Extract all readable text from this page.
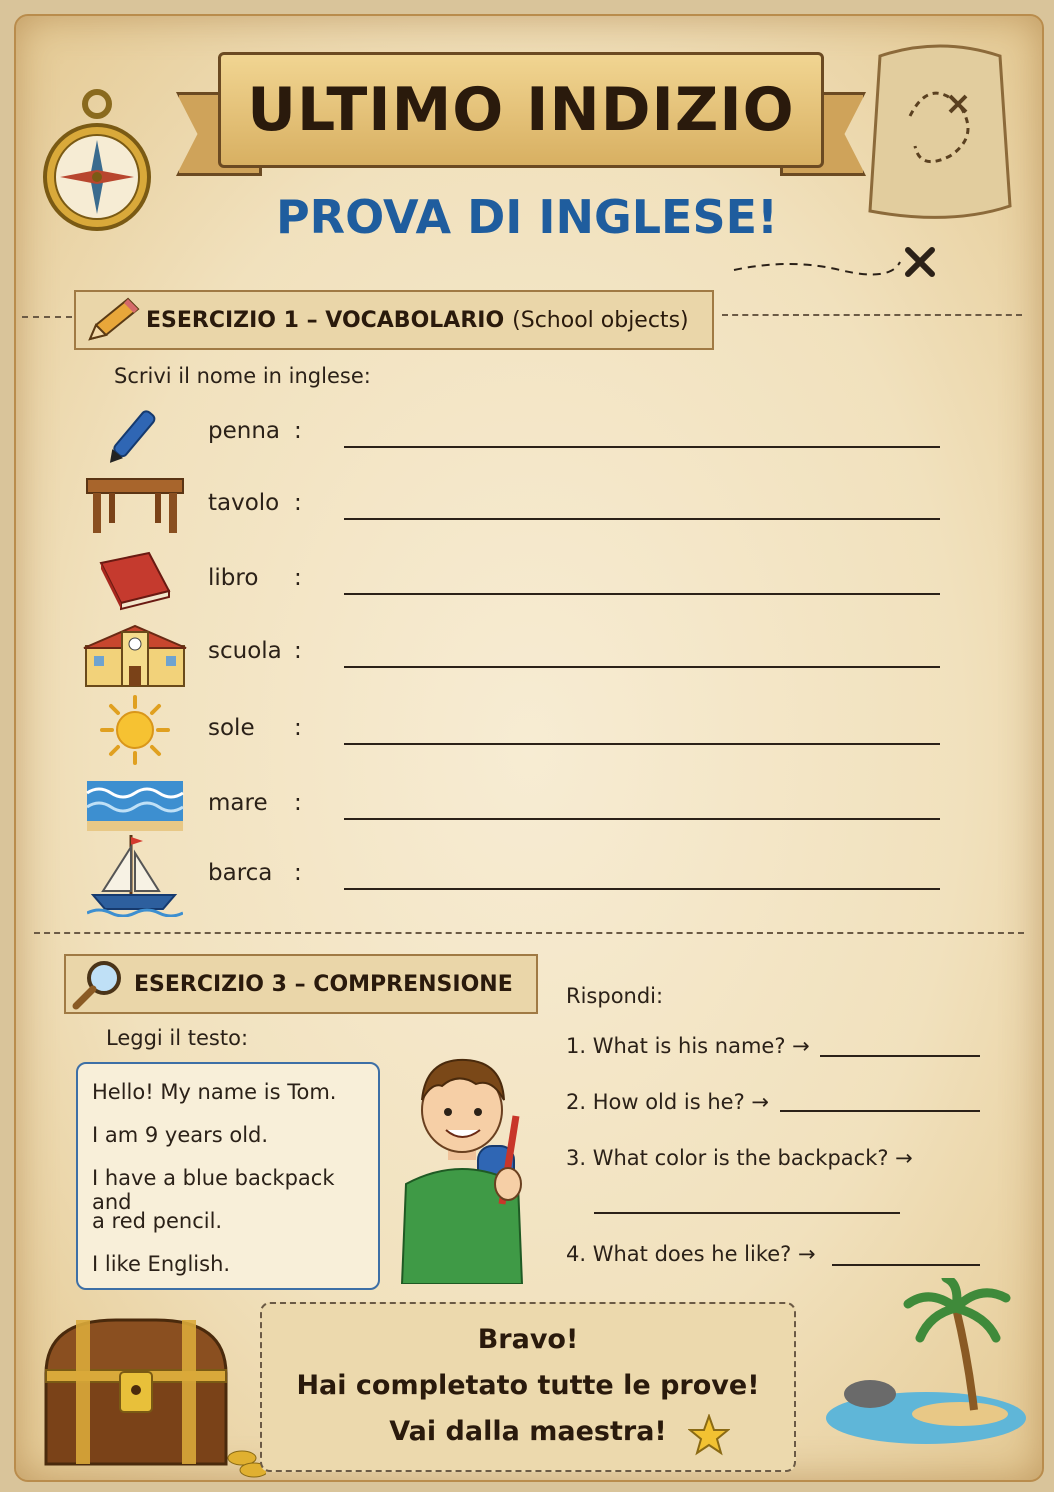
ULTIMO INDIZIO
PROVA DI INGLESE!
ESERCIZIO 1 – VOCABOLARIO (School objects)
Scrivi il nome in inglese:
penna :
tavolo :
libro :
scuola :
sole :
mare :
barca :
ESERCIZIO 3 – COMPRENSIONE
Leggi il testo:
Hello! My name is Tom.
I am 9 years old.
I have a blue backpack and
a red pencil.
I like English.
Rispondi:
1. What is his name? →
2. How old is he? →
3. What color is the backpack? →
4. What does he like? →
Bravo!
Hai completato tutte le prove!
Vai dalla maestra!
